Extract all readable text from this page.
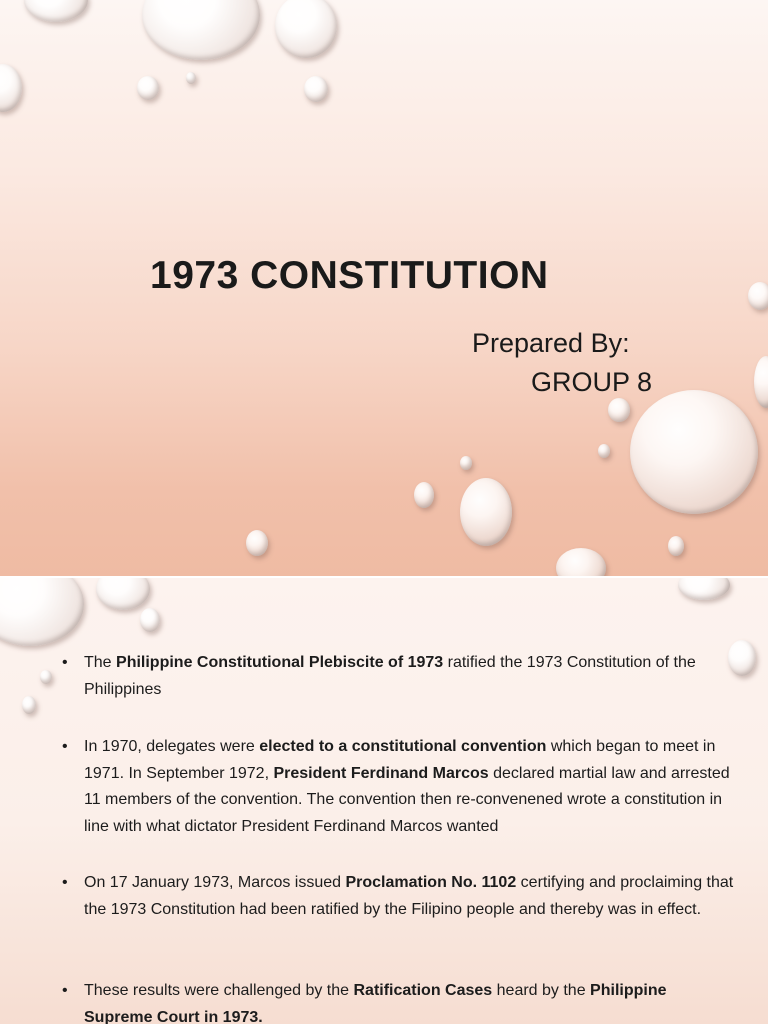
1973 CONSTITUTION
Prepared By:
GROUP 8
• The Philippine Constitutional Plebiscite of 1973 ratified the 1973 Constitution of the Philippines
• In 1970, delegates were elected to a constitutional convention which began to meet in 1971. In September 1972, President Ferdinand Marcos declared martial law and arrested 11 members of the convention. The convention then re-convenened wrote a constitution in line with what dictator President Ferdinand Marcos wanted
• On 17 January 1973, Marcos issued Proclamation No. 1102 certifying and proclaiming that the 1973 Constitution had been ratified by the Filipino people and thereby was in effect.
• These results were challenged by the Ratification Cases heard by the Philippine Supreme Court in 1973.
